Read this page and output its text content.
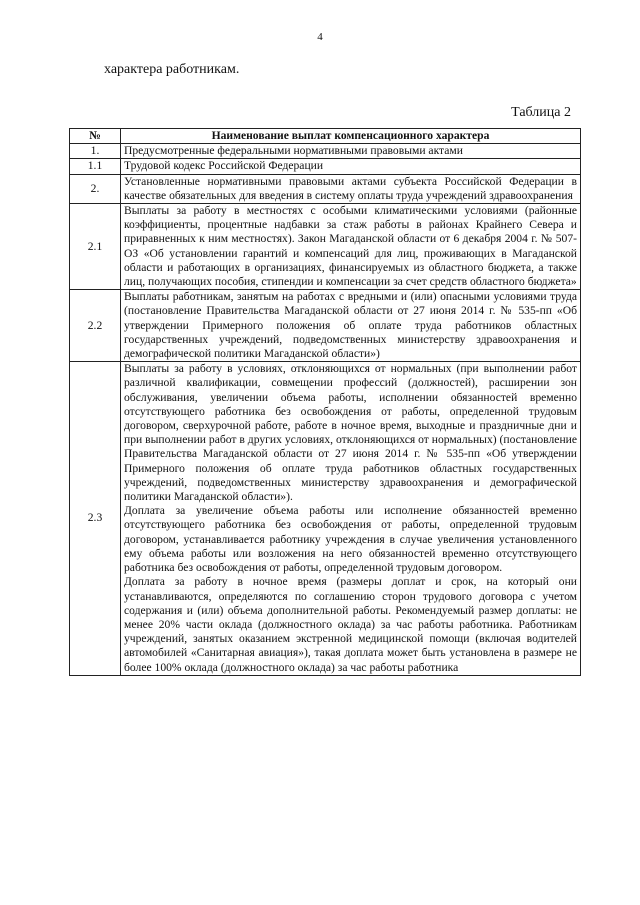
4
характера работникам.
Таблица 2
№	Наименование выплат компенсационного характера
1.	Предусмотренные федеральными нормативными правовыми актами

1.1	Трудовой кодекс Российской Федерации

2.	Установленные нормативными правовыми актами субъекта Российской Федерации в качестве обязательных для введения в систему оплаты труда учреждений здравоохранения

2.1	Выплаты за работу в местностях с особыми климатическими условиями (районные коэффициенты, процентные надбавки за стаж работы в районах Крайнего Севера и приравненных к ним местностях). Закон Магаданской области от 6 декабря 2004 г. № 507-ОЗ «Об установлении гарантий и компенсаций для лиц, проживающих в Магаданской области и работающих в организациях, финансируемых из областного бюджета, а также лиц, получающих пособия, стипендии и компенсации за счет средств областного бюджета»

2.2	Выплаты работникам, занятым на работах с вредными и (или) опасными условиями труда (постановление Правительства Магаданской области от 27 июня 2014 г. № 535-пп «Об утверждении Примерного положения об оплате труда работников областных государственных учреждений, подведомственных министерству здравоохранения и демографической политики Магаданской области»)

2.3	Выплаты за работу в условиях, отклоняющихся от нормальных (при выполнении работ различной квалификации, совмещении профессий (должностей), расширении зон обслуживания, увеличении объема работы, исполнении обязанностей временно отсутствующего работника без освобождения от работы, определенной трудовым договором, сверхурочной работе, работе в ночное время, выходные и праздничные дни и при выполнении работ в других условиях, отклоняющихся от нормальных) (постановление Правительства Магаданской области от 27 июня 2014 г. № 535-пп «Об утверждении Примерного положения об оплате труда работников областных государственных учреждений, подведомственных министерству здравоохранения и демографической политики Магаданской области»).

Доплата за увеличение объема работы или исполнение обязанностей временно отсутствующего работника без освобождения от работы, определенной трудовым договором, устанавливается работнику учреждения в случае увеличения установленного ему объема работы или возложения на него обязанностей временно отсутствующего работника без освобождения от работы, определенной трудовым договором.

Доплата за работу в ночное время (размеры доплат и срок, на который они устанавливаются, определяются по соглашению сторон трудового договора с учетом содержания и (или) объема дополнительной работы. Рекомендуемый размер доплаты: не менее 20% части оклада (должностного оклада) за час работы работника. Работникам учреждений, занятых оказанием экстренной медицинской помощи (включая водителей автомобилей «Санитарная авиация»), такая доплата может быть установлена в размере не более 100% оклада (должностного оклада) за час работы работника
